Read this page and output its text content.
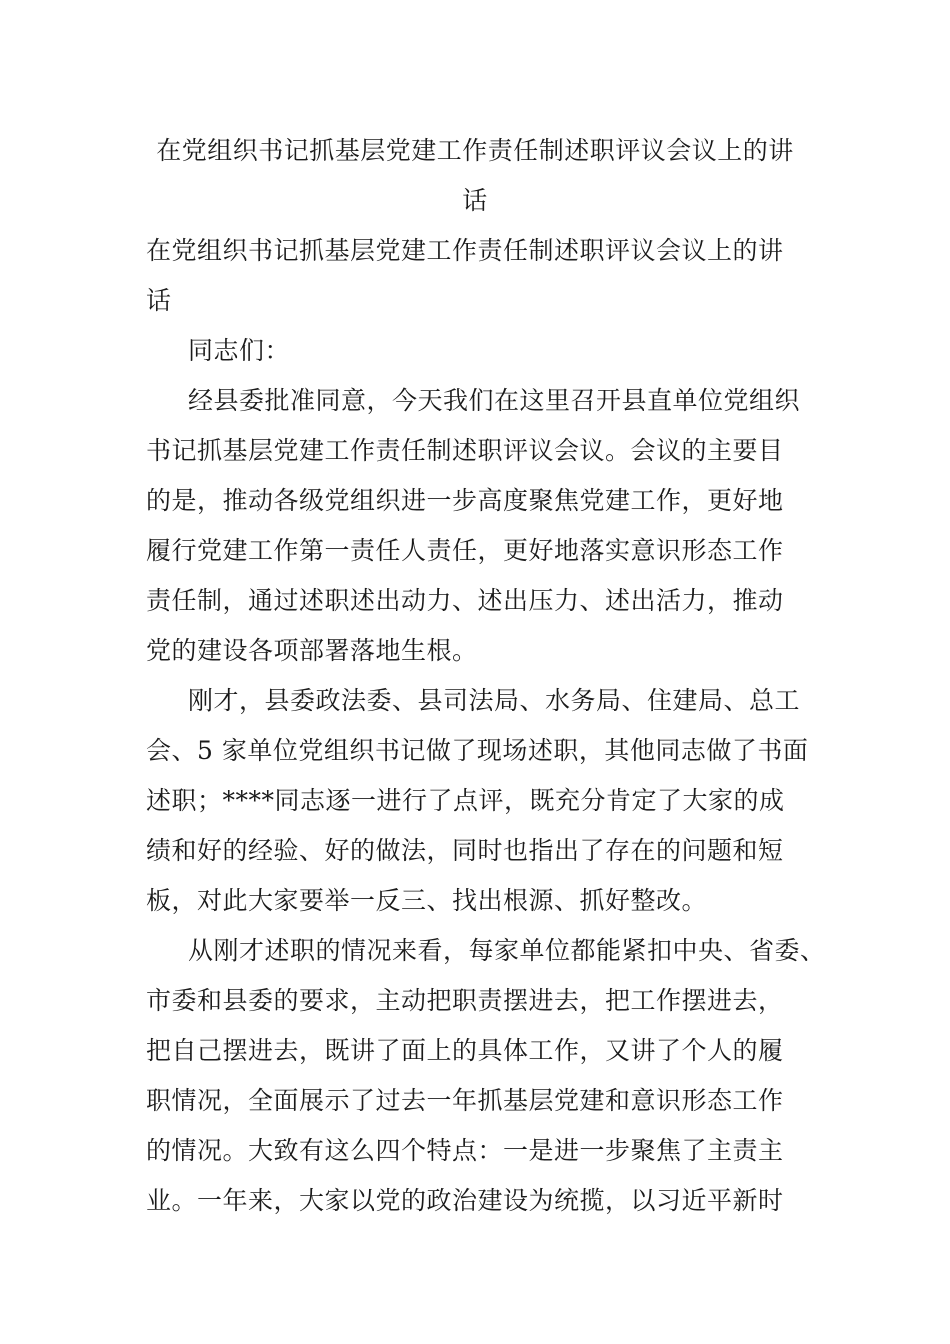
在党组织书记抓基层党建工作责任制述职评议会议上的讲
话
在党组织书记抓基层党建工作责任制述职评议会议上的讲
话
同志们：
经县委批准同意，今天我们在这里召开县直单位党组织
书记抓基层党建工作责任制述职评议会议。会议的主要目
的是，推动各级党组织进一步高度聚焦党建工作，更好地
履行党建工作第一责任人责任，更好地落实意识形态工作
责任制，通过述职述出动力、述出压力、述出活力，推动
党的建设各项部署落地生根。
刚才，县委政法委、县司法局、水务局、住建局、总工
会、5 家单位党组织书记做了现场述职，其他同志做了书面
述职；****同志逐一进行了点评，既充分肯定了大家的成
绩和好的经验、好的做法，同时也指出了存在的问题和短
板，对此大家要举一反三、找出根源、抓好整改。
从刚才述职的情况来看，每家单位都能紧扣中央、省委、
市委和县委的要求，主动把职责摆进去，把工作摆进去，
把自己摆进去，既讲了面上的具体工作，又讲了个人的履
职情况，全面展示了过去一年抓基层党建和意识形态工作
的情况。大致有这么四个特点：一是进一步聚焦了主责主
业。一年来，大家以党的政治建设为统揽，以习近平新时
